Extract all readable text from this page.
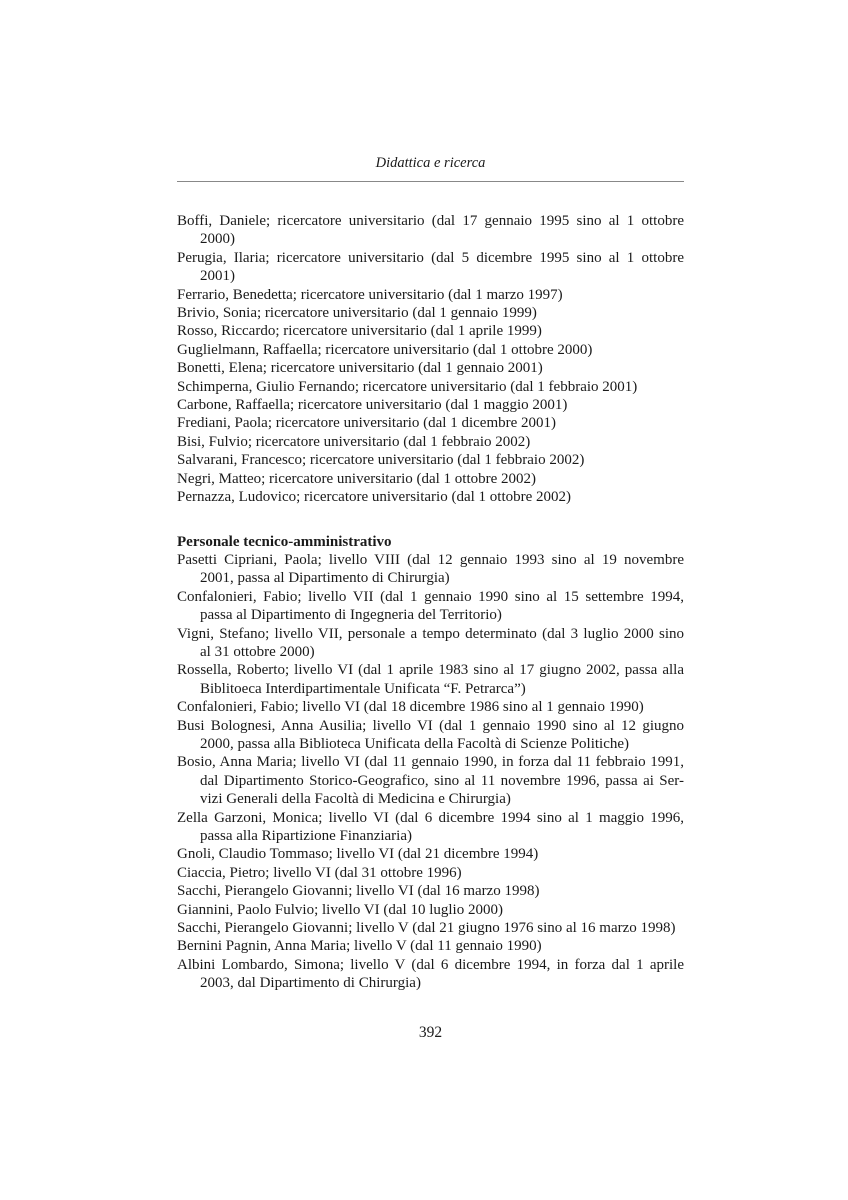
Didattica e ricerca

Boffi, Daniele; ricercatore universitario (dal 17 gennaio 1995 sino al 1 ottobre
2000)

Perugia, Ilaria; ricercatore universitario (dal 5 dicembre 1995 sino al 1 ottobre
2001)

Ferrario, Benedetta; ricercatore universitario (dal 1 marzo 1997)

Brivio, Sonia; ricercatore universitario (dal 1 gennaio 1999)

Rosso, Riccardo; ricercatore universitario (dal 1 aprile 1999)

Guglielmann, Raffaella; ricercatore universitario (dal 1 ottobre 2000)

Bonetti, Elena; ricercatore universitario (dal 1 gennaio 2001)

Schimperna, Giulio Fernando; ricercatore universitario (dal 1 febbraio 2001)

Carbone, Raffaella; ricercatore universitario (dal 1 maggio 2001)

Frediani, Paola; ricercatore universitario (dal 1 dicembre 2001)

Bisi, Fulvio; ricercatore universitario (dal 1 febbraio 2002)

Salvarani, Francesco; ricercatore universitario (dal 1 febbraio 2002)

Negri, Matteo; ricercatore universitario (dal 1 ottobre 2002)

Pernazza, Ludovico; ricercatore universitario (dal 1 ottobre 2002)

Personale tecnico-amministrativo

Pasetti Cipriani, Paola; livello VIII (dal 12 gennaio 1993 sino al 19 novembre
2001, passa al Dipartimento di Chirurgia)

Confalonieri, Fabio; livello VII (dal 1 gennaio 1990 sino al 15 settembre 1994,
passa al Dipartimento di Ingegneria del Territorio)

Vigni, Stefano; livello VII, personale a tempo determinato (dal 3 luglio 2000 sino
al 31 ottobre 2000)

Rossella, Roberto; livello VI (dal 1 aprile 1983 sino al 17 giugno 2002, passa alla
Biblitoeca Interdipartimentale Unificata “F. Petrarca”)

Confalonieri, Fabio; livello VI (dal 18 dicembre 1986 sino al 1 gennaio 1990)

Busi Bolognesi, Anna Ausilia; livello VI (dal 1 gennaio 1990 sino al 12 giugno
2000, passa alla Biblioteca Unificata della Facoltà di Scienze Politiche)

Bosio, Anna Maria; livello VI (dal 11 gennaio 1990, in forza dal 11 febbraio 1991,
dal Dipartimento Storico-Geografico, sino al 11 novembre 1996, passa ai Ser-
vizi Generali della Facoltà di Medicina e Chirurgia)

Zella Garzoni, Monica; livello VI (dal 6 dicembre 1994 sino al 1 maggio 1996,
passa alla Ripartizione Finanziaria)

Gnoli, Claudio Tommaso; livello VI (dal 21 dicembre 1994)

Ciaccia, Pietro; livello VI (dal 31 ottobre 1996)

Sacchi, Pierangelo Giovanni; livello VI (dal 16 marzo 1998)

Giannini, Paolo Fulvio; livello VI (dal 10 luglio 2000)

Sacchi, Pierangelo Giovanni; livello V (dal 21 giugno 1976 sino al 16 marzo 1998)

Bernini Pagnin, Anna Maria; livello V (dal 11 gennaio 1990)

Albini Lombardo, Simona; livello V (dal 6 dicembre 1994, in forza dal 1 aprile
2003, dal Dipartimento di Chirurgia)

392
